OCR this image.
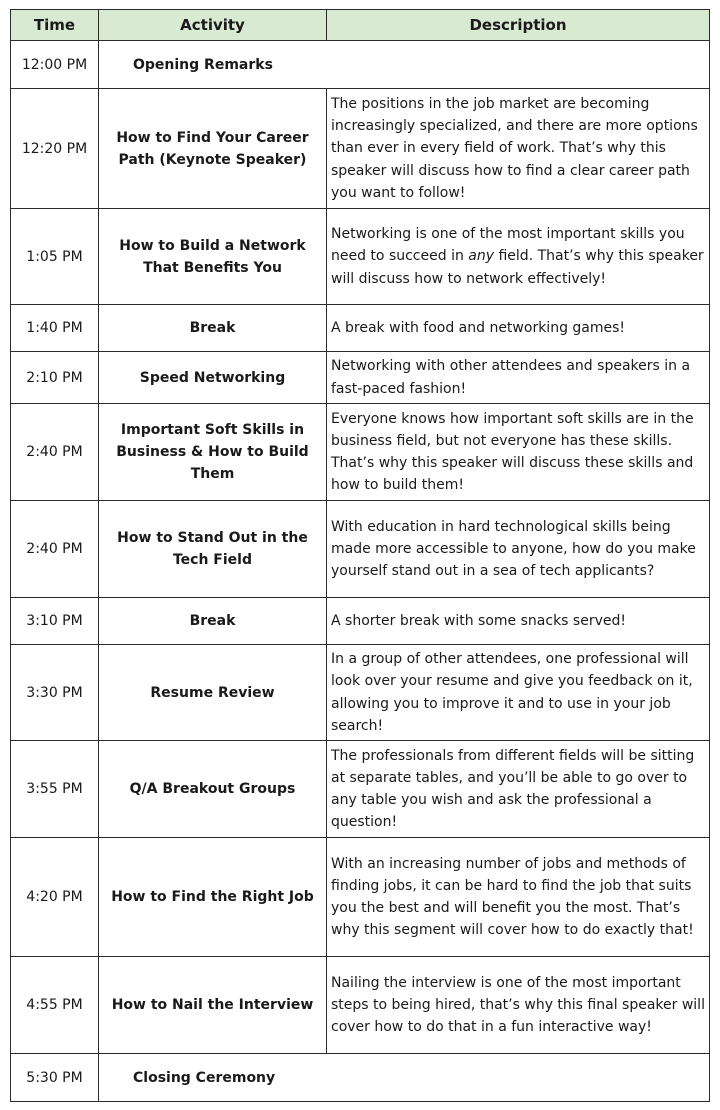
Time	Activity	Description
12:00 PM	Opening Remarks	
12:20 PM	How to Find Your Career Path (Keynote Speaker)	The positions in the job market are becoming increasingly specialized, and there are more options than ever in every field of work. That’s why this speaker will discuss how to find a clear career path you want to follow!
1:05 PM	How to Build a Network That Benefits You	Networking is one of the most important skills you need to succeed in any field. That’s why this speaker will discuss how to network effectively!
1:40 PM	Break	A break with food and networking games!
2:10 PM	Speed Networking	Networking with other attendees and speakers in a fast-paced fashion!
2:40 PM	Important Soft Skills in Business & How to Build Them	Everyone knows how important soft skills are in the business field, but not everyone has these skills. That’s why this speaker will discuss these skills and how to build them!
2:40 PM	How to Stand Out in the Tech Field	With education in hard technological skills being made more accessible to anyone, how do you make yourself stand out in a sea of tech applicants?
3:10 PM	Break	A shorter break with some snacks served!
3:30 PM	Resume Review	In a group of other attendees, one professional will look over your resume and give you feedback on it, allowing you to improve it and to use in your job search!
3:55 PM	Q/A Breakout Groups	The professionals from different fields will be sitting at separate tables, and you’ll be able to go over to any table you wish and ask the professional a question!
4:20 PM	How to Find the Right Job	With an increasing number of jobs and methods of finding jobs, it can be hard to find the job that suits you the best and will benefit you the most. That’s why this segment will cover how to do exactly that!
4:55 PM	How to Nail the Interview	Nailing the interview is one of the most important steps to being hired, that’s why this final speaker will cover how to do that in a fun interactive way!
5:30 PM	Closing Ceremony	
